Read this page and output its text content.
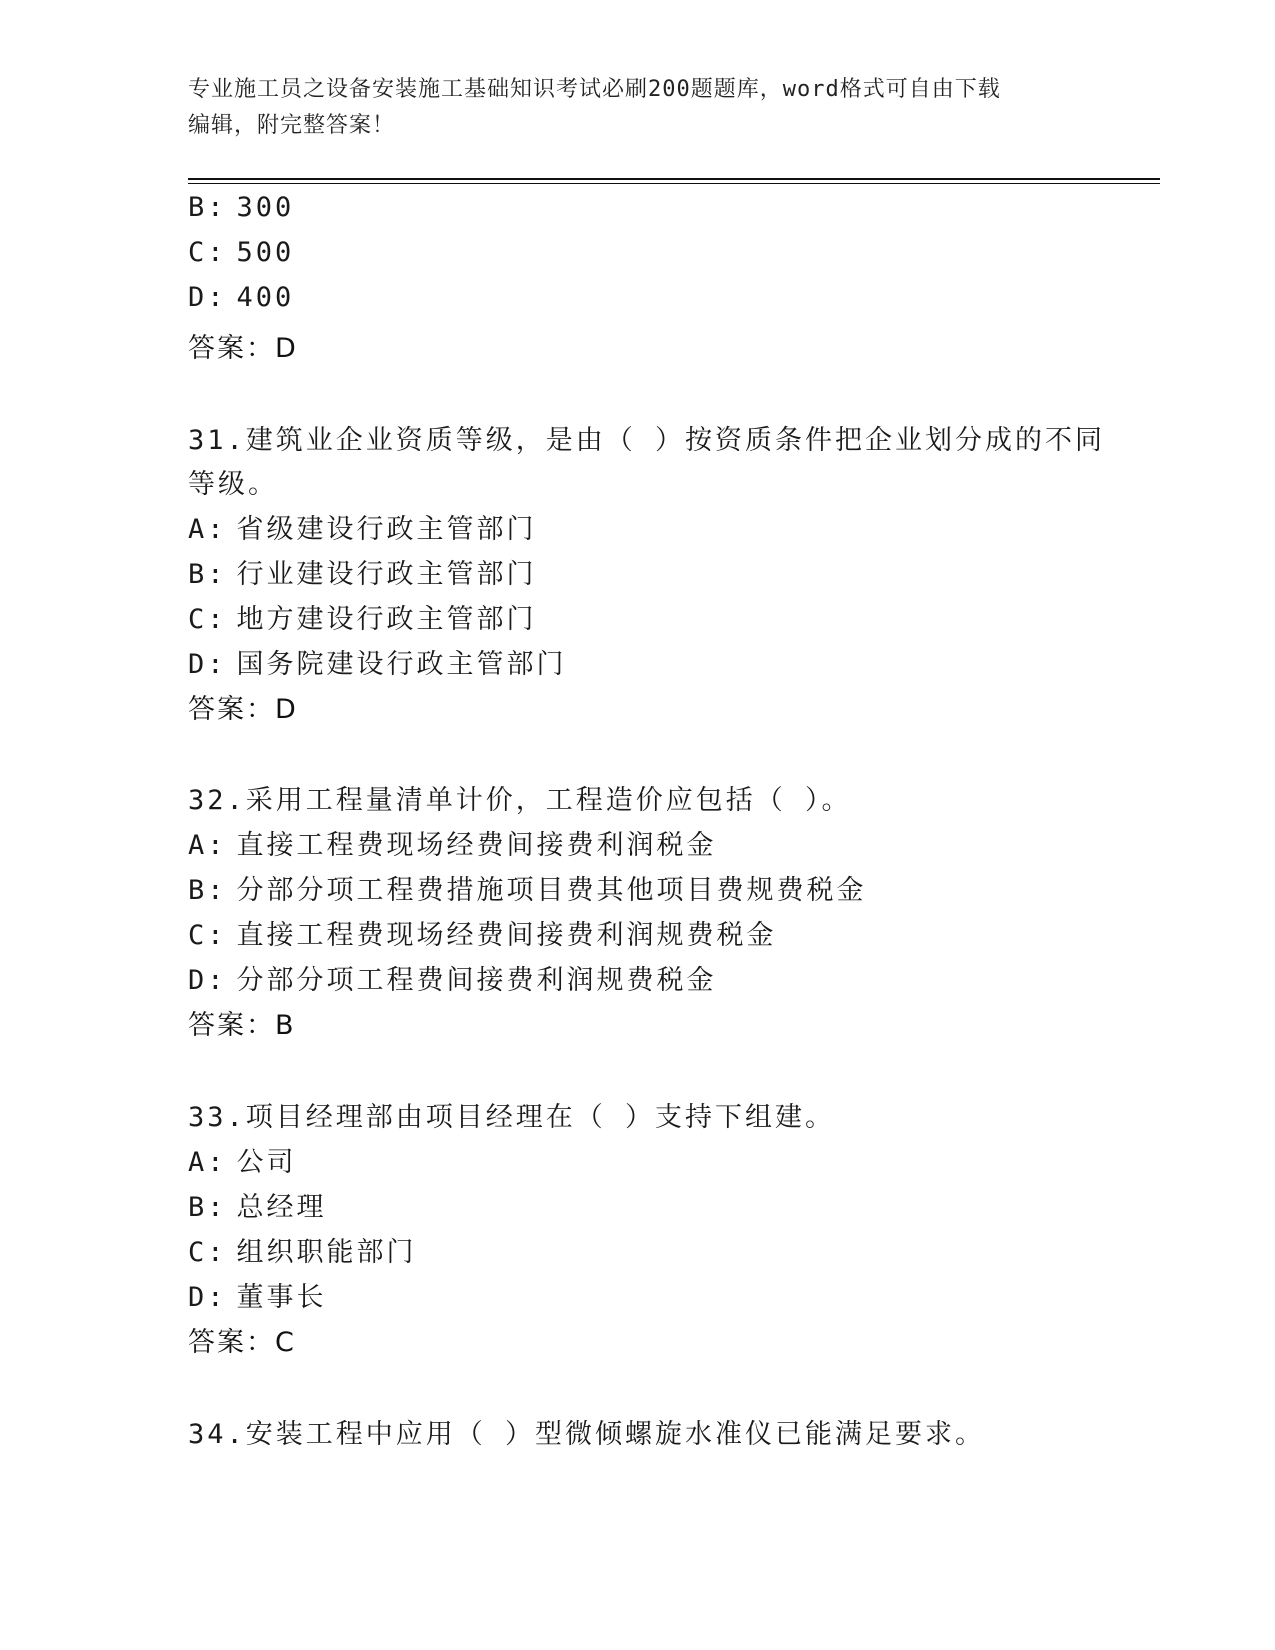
专业施工员之设备安装施工基础知识考试必刷200题题库，word格式可自由下载
编辑，附完整答案！
B: 300
C: 500
D: 400
答案：D
31.建筑业企业资质等级，是由（ ）按资质条件把企业划分成的不同
等级。
A: 省级建设行政主管部门
B: 行业建设行政主管部门
C: 地方建设行政主管部门
D: 国务院建设行政主管部门
答案：D
32.采用工程量清单计价，工程造价应包括（ ）。
A: 直接工程费现场经费间接费利润税金
B: 分部分项工程费措施项目费其他项目费规费税金
C: 直接工程费现场经费间接费利润规费税金
D: 分部分项工程费间接费利润规费税金
答案：B
33.项目经理部由项目经理在（ ）支持下组建。
A: 公司
B: 总经理
C: 组织职能部门
D: 董事长
答案：C
34.安装工程中应用（ ）型微倾螺旋水准仪已能满足要求。
